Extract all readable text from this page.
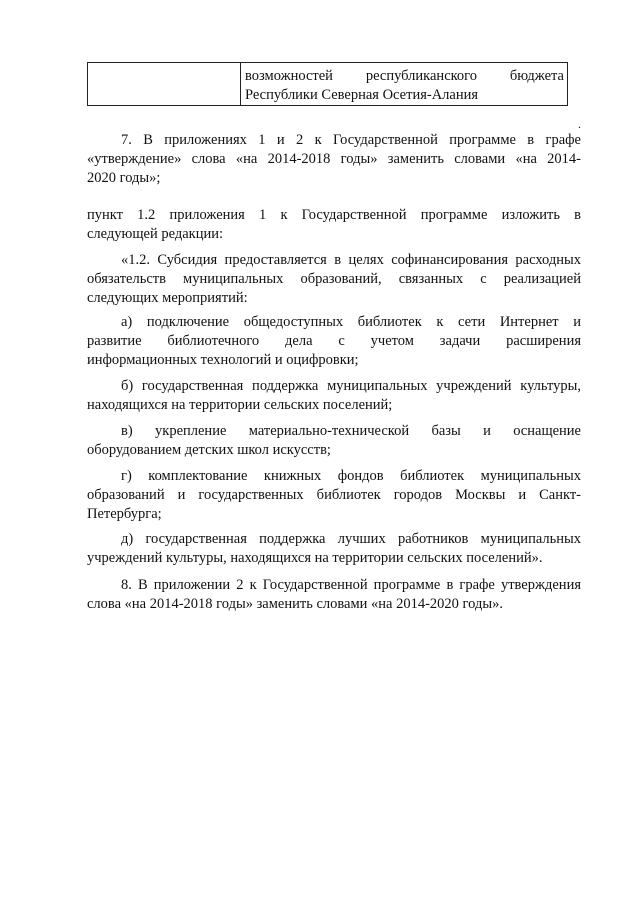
возможностей республиканского бюджета
Республики Северная Осетия-Алания
.
7. В приложениях 1 и 2 к Государственной программе в графе
«утверждение» слова «на 2014-2018 годы» заменить словами «на 2014-
2020 годы»;
пункт 1.2 приложения 1 к Государственной программе изложить в
следующей редакции:
«1.2. Субсидия предоставляется в целях софинансирования расходных
обязательств муниципальных образований, связанных с реализацией
следующих мероприятий:
а) подключение общедоступных библиотек к сети Интернет и
развитие библиотечного дела с учетом задачи расширения
информационных технологий и оцифровки;
б) государственная поддержка муниципальных учреждений культуры,
находящихся на территории сельских поселений;
в) укрепление материально-технической базы и оснащение
оборудованием детских школ искусств;
г) комплектование книжных фондов библиотек муниципальных
образований и государственных библиотек городов Москвы и Санкт-
Петербурга;
д) государственная поддержка лучших работников муниципальных
учреждений культуры, находящихся на территории сельских поселений».
8. В приложении 2 к Государственной программе в графе утверждения
слова «на 2014-2018 годы» заменить словами «на 2014-2020 годы».
